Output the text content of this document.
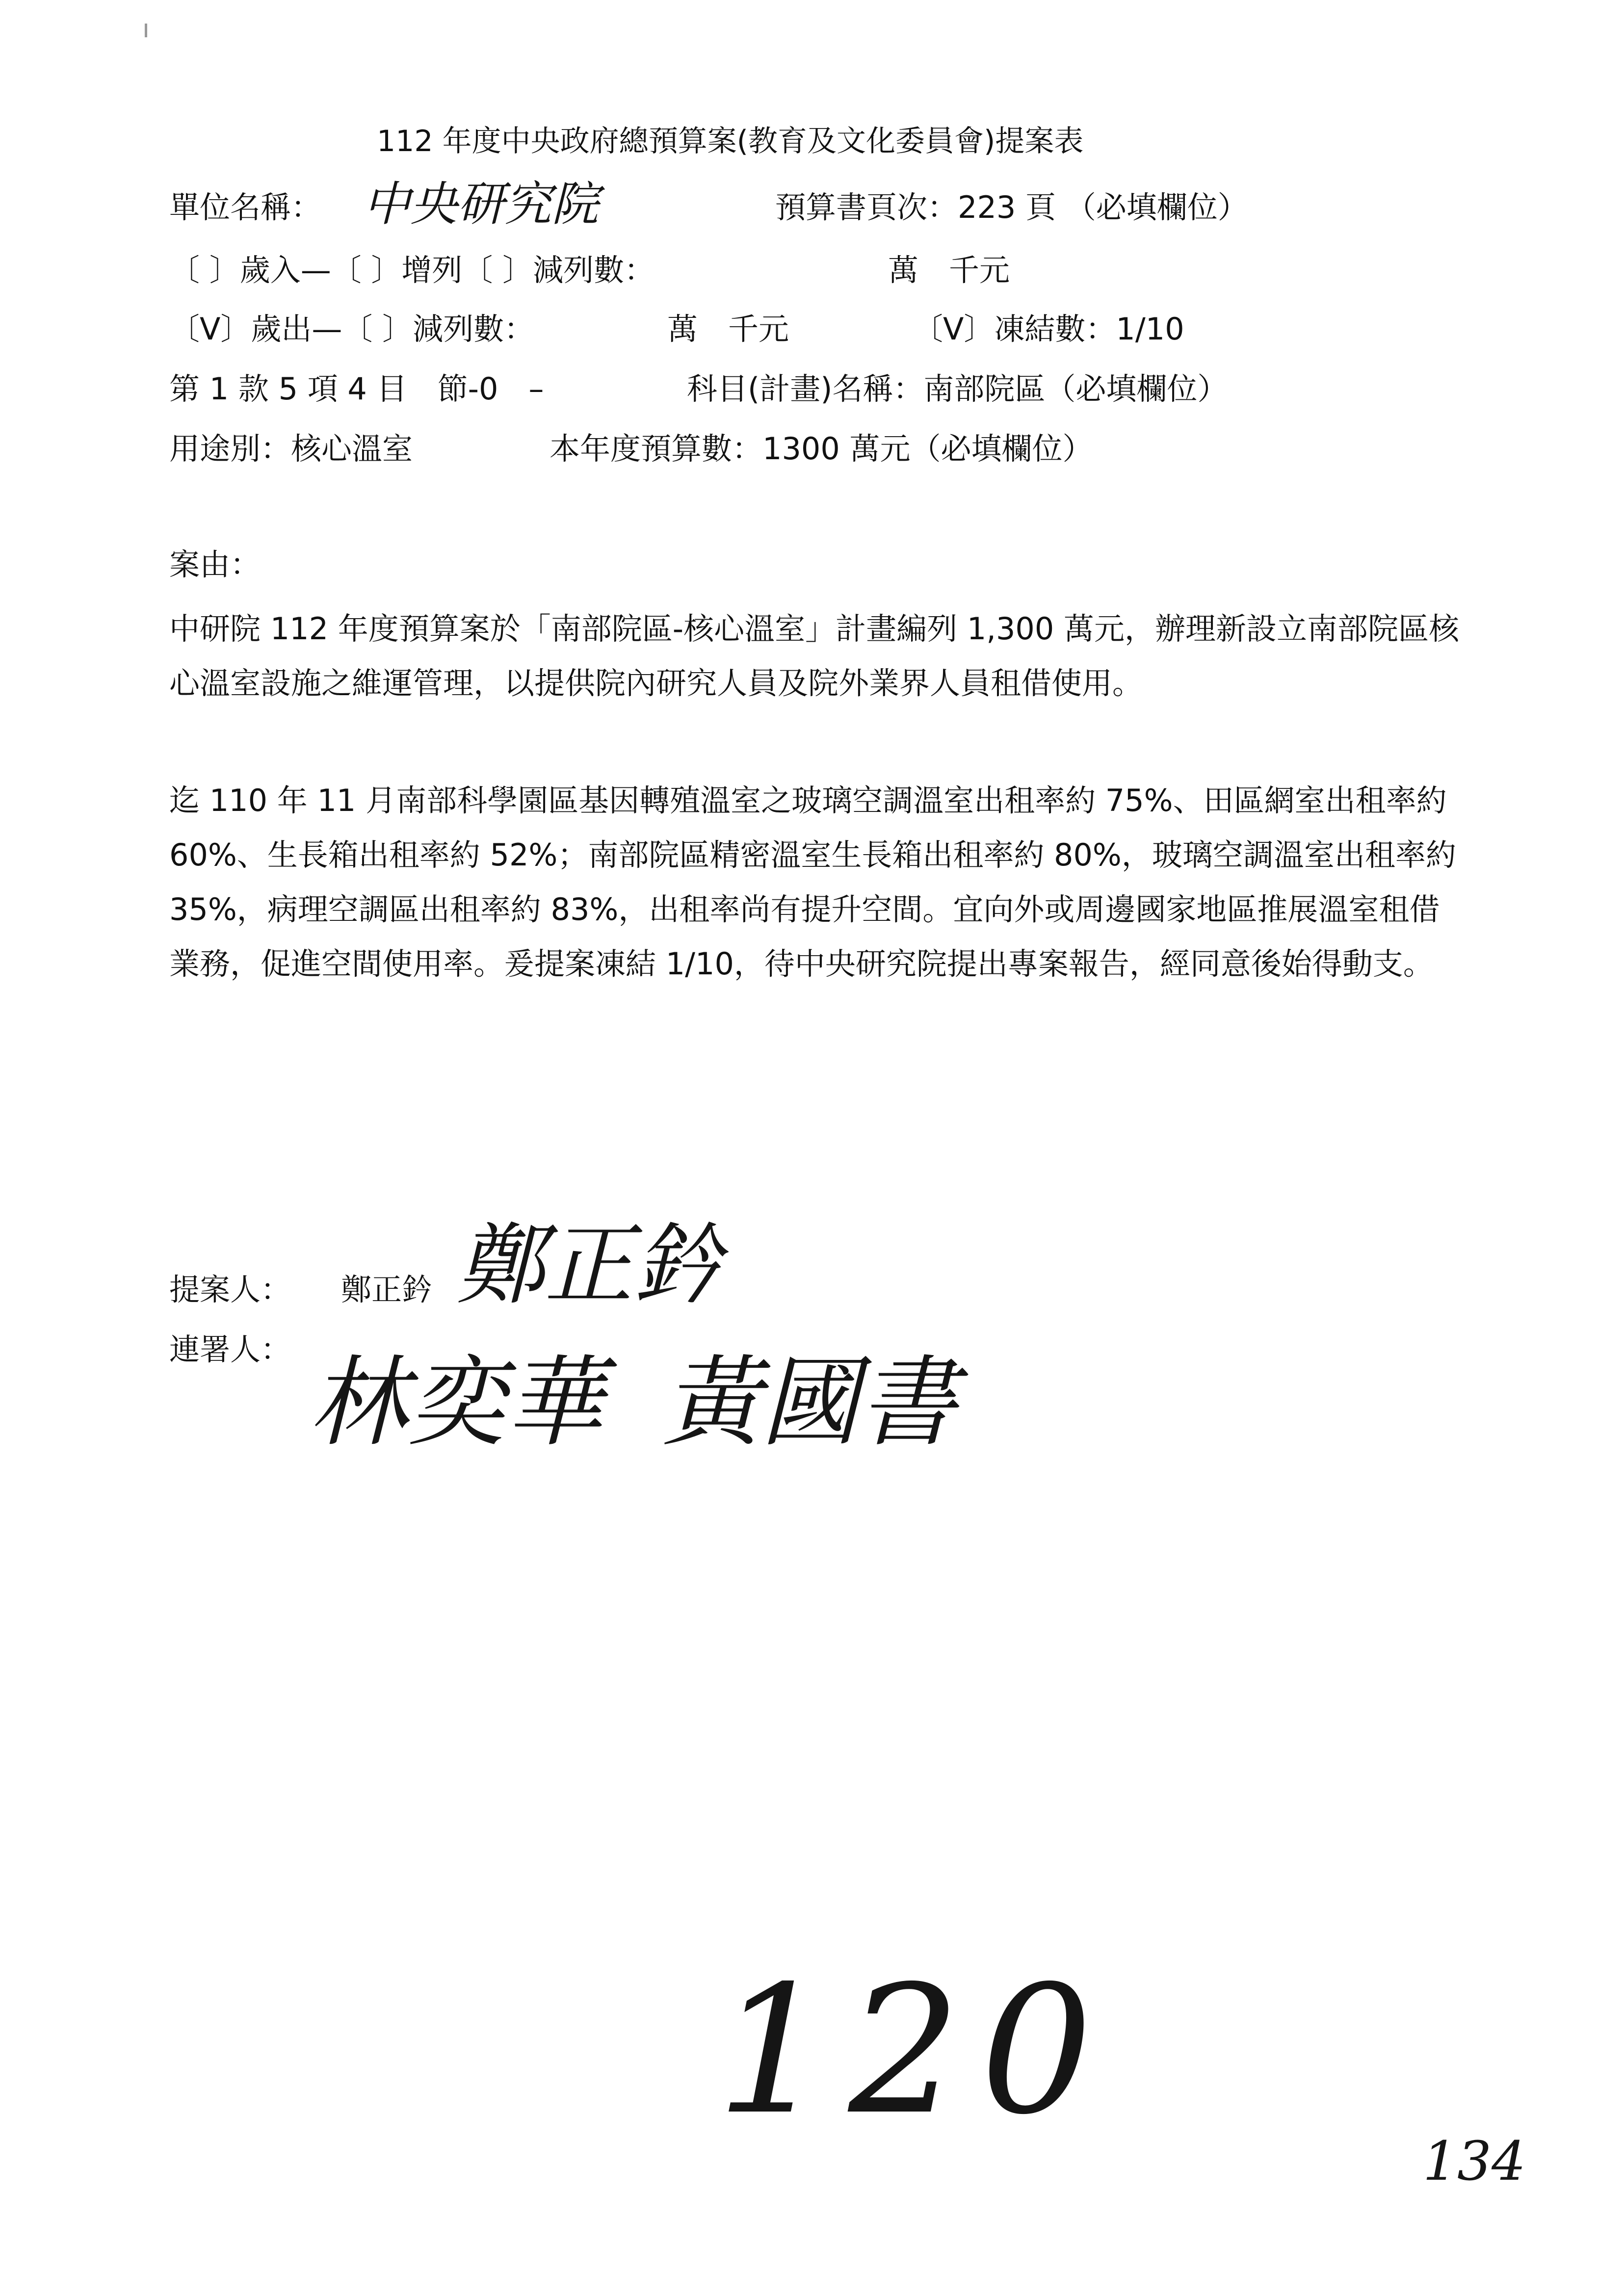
112 年度中央政府總預算案(教育及文化委員會)提案表
單位名稱： 中央研究院	預算書頁次：223 頁 （必填欄位）
〔 〕歲入—〔 〕增列〔 〕減列數：	萬　千元
〔V〕歲出—〔 〕減列數：	萬　千元	〔V〕凍結數：1/10
第 1 款 5 項 4 目　節-0　–	科目(計畫)名稱：南部院區（必填欄位）
用途別：核心溫室	本年度預算數：1300 萬元（必填欄位）
案由：

中研院 112 年度預算案於「南部院區-核心溫室」計畫編列 1,300 萬元，辦理新設立南部院區核心溫室設施之維運管理，以提供院內研究人員及院外業界人員租借使用。

迄 110 年 11 月南部科學園區基因轉殖溫室之玻璃空調溫室出租率約 75%、田區網室出租率約 60%、生長箱出租率約 52%；南部院區精密溫室生長箱出租率約 80%，玻璃空調溫室出租率約 35%，病理空調區出租率約 83%，出租率尚有提升空間。宜向外或周邊國家地區推展溫室租借業務，促進空間使用率。爰提案凍結 1/10，待中央研究院提出專案報告，經同意後始得動支。

提案人： 鄭正鈐 鄭正鈐
連署人： 林奕華 黃國書
120
134
